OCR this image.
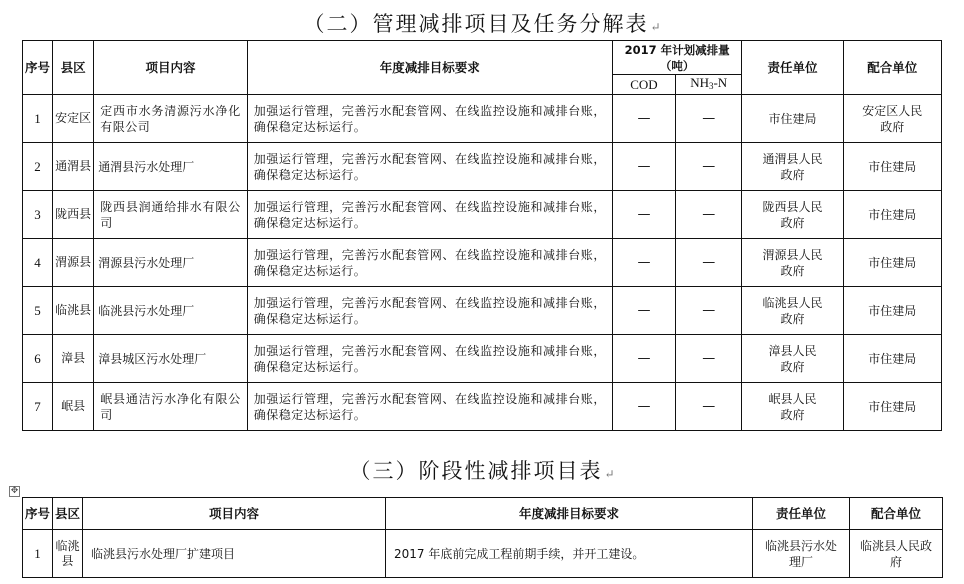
（二）管理减排项目及任务分解表 ↵
序号	县区	项目内容	年度减排目标要求	2017 年计划减排量（吨）		责任单位	配合单位
				COD	$NH_3-N$		
1	安定区	定西市水务清源污水净化有限公司	加强运行管理，完善污水配套管网、在线监控设施和减排台账，确保稳定达标运行。	—	—	市住建局	安定区人民政府
2	通渭县	通渭县污水处理厂	加强运行管理，完善污水配套管网、在线监控设施和减排台账，确保稳定达标运行。	—	—	通渭县人民政府	市住建局
3	陇西县	陇西县润通给排水有限公司	加强运行管理，完善污水配套管网、在线监控设施和减排台账，确保稳定达标运行。	—	—	陇西县人民政府	市住建局
4	渭源县	渭源县污水处理厂	加强运行管理，完善污水配套管网、在线监控设施和减排台账，确保稳定达标运行。	—	—	渭源县人民政府	市住建局
5	临洮县	临洮县污水处理厂	加强运行管理，完善污水配套管网、在线监控设施和减排台账，确保稳定达标运行。	—	—	临洮县人民政府	市住建局
6	漳县	漳县城区污水处理厂	加强运行管理，完善污水配套管网、在线监控设施和减排台账，确保稳定达标运行。	—	—	漳县人民政府	市住建局
7	岷县	岷县通洁污水净化有限公司	加强运行管理，完善污水配套管网、在线监控设施和减排台账，确保稳定达标运行。	—	—	岷县人民政府	市住建局
（三）阶段性减排项目表 ↵
✥
序号	县区	项目内容	年度减排目标要求	责任单位	配合单位
1	临洮县	临洮县污水处理厂扩建项目	2017 年底前完成工程前期手续，并开工建设。	临洮县污水处理厂	临洮县人民政府
